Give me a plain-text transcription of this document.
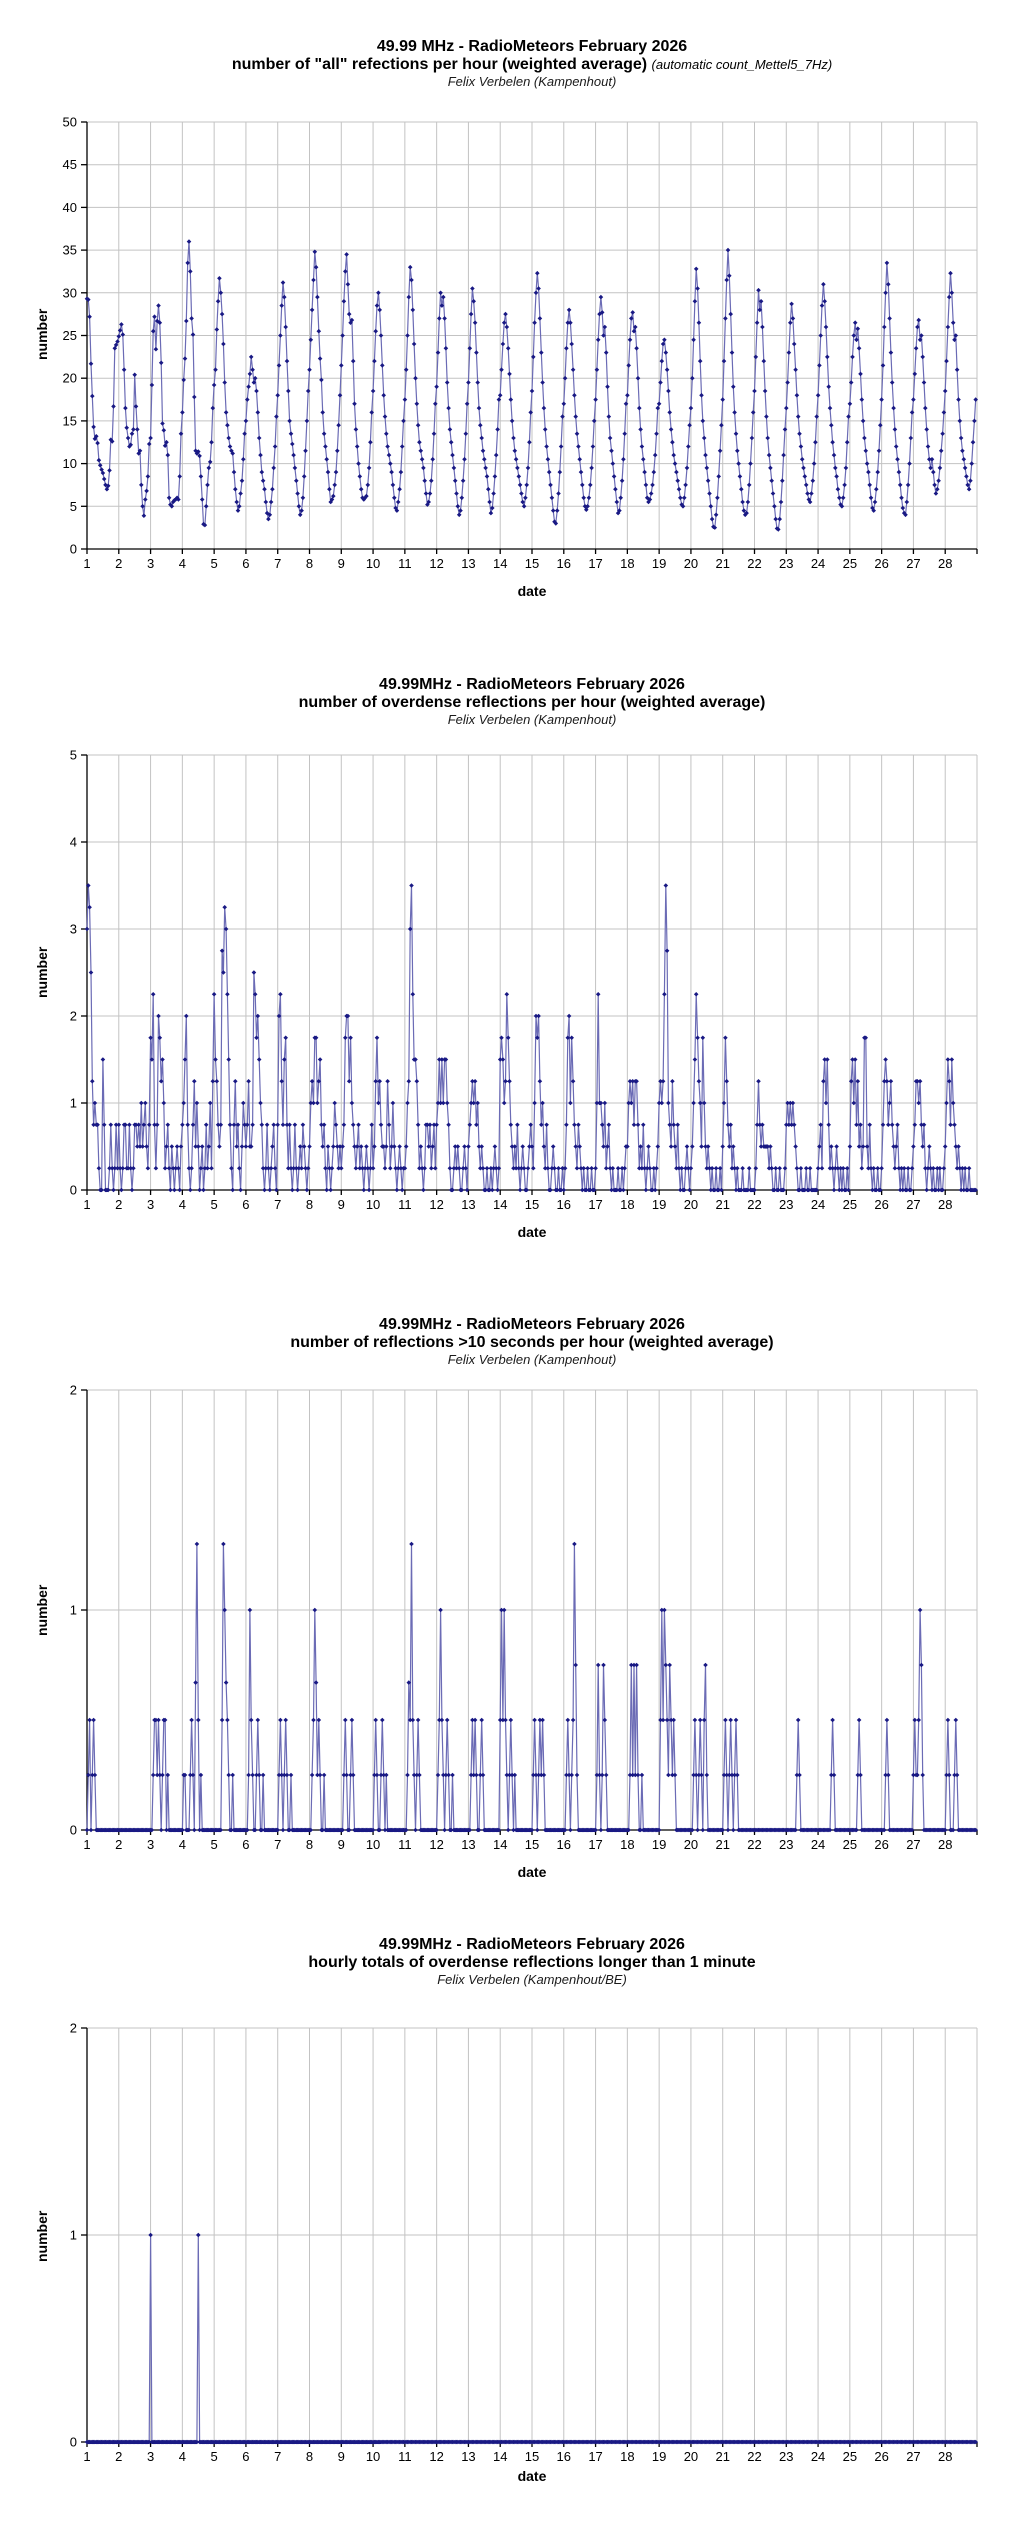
0
5
10
15
20
25
30
35
40
45
50
1 2 3 4 5 6 7 8 9 10 11 12 13 14 15 16 17 18 19 20 21 22 23 24 25 26 27 28
0
1
2
3
4
5
1 2 3 4 5 6 7 8 9 10 11 12 13 14 15 16 17 18 19 20 21 22 23 24 25 26 27 28
0
1
2
1 2 3 4 5 6 7 8 9 10 11 12 13 14 15 16 17 18 19 20 21 22 23 24 25 26 27 28
0
1
2
1 2 3 4 5 6 7 8 9 10 11 12 13 14 15 16 17 18 19 20 21 22 23 24 25 26 27 28
49.99 MHz - RadioMeteors February 2026
number of "all" refections per hour (weighted average) (automatic count_Mettel5_7Hz)
Felix Verbelen (Kampenhout)
number
date
49.99MHz - RadioMeteors February 2026
number of overdense reflections per hour (weighted average)
Felix Verbelen (Kampenhout)
number
date
49.99MHz - RadioMeteors February 2026
number of reflections >10 seconds per hour (weighted average)
Felix Verbelen (Kampenhout)
number
date
49.99MHz - RadioMeteors February 2026
hourly totals of overdense reflections longer than 1 minute
Felix Verbelen (Kampenhout/BE)
number
date
